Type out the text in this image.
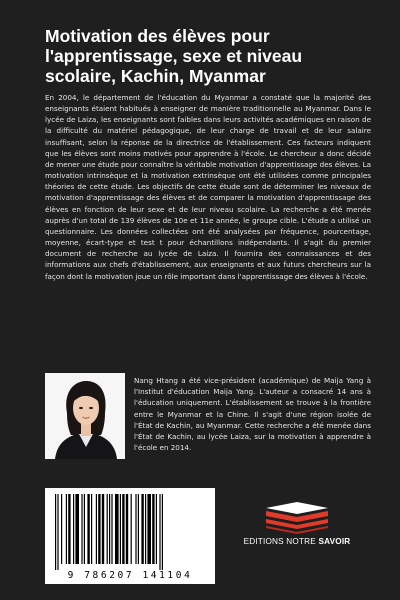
Motivation des élèves pour l'apprentissage, sexe et niveau scolaire, Kachin, Myanmar

En 2004, le département de l'éducation du Myanmar a constaté que la majorité des enseignants étaient habitués à enseigner de manière traditionnelle au Myanmar. Dans le lycée de Laiza, les enseignants sont faibles dans leurs activités académiques en raison de la difficulté du matériel pédagogique, de leur charge de travail et de leur salaire insuffisant, selon la réponse de la directrice de l'établissement. Ces facteurs indiquent que les élèves sont moins motivés pour apprendre à l'école. Le chercheur a donc décidé de mener une étude pour connaître la véritable motivation d'apprentissage des élèves. La motivation intrinsèque et la motivation extrinsèque ont été utilisées comme principales théories de cette étude. Les objectifs de cette étude sont de déterminer les niveaux de motivation d'apprentissage des élèves et de comparer la motivation d'apprentissage des élèves en fonction de leur sexe et de leur niveau scolaire. La recherche a été menée auprès d'un total de 139 élèves de 10e et 11e année, le groupe cible. L'étude a utilisé un questionnaire. Les données collectées ont été analysées par fréquence, pourcentage, moyenne, écart-type et test t pour échantillons indépendants. Il s'agit du premier document de recherche au lycée de Laiza. Il fournira des connaissances et des informations aux chefs d'établissement, aux enseignants et aux futurs chercheurs sur la façon dont la motivation joue un rôle important dans l'apprentissage des élèves à l'école.

Nang Htang a été vice-président (académique) de Maija Yang à l'Institut d'éducation Maija Yang. L'auteur a consacré 14 ans à l'éducation uniquement. L'établissement se trouve à la frontière entre le Myanmar et la Chine. Il s'agit d'une région isolée de l'État de Kachin, au Myanmar. Cette recherche a été menée dans l'État de Kachin, au lycée Laiza, sur la motivation à apprendre à l'école en 2014.

9 786207 141104
EDITIONS NOTRE SAVOIR
